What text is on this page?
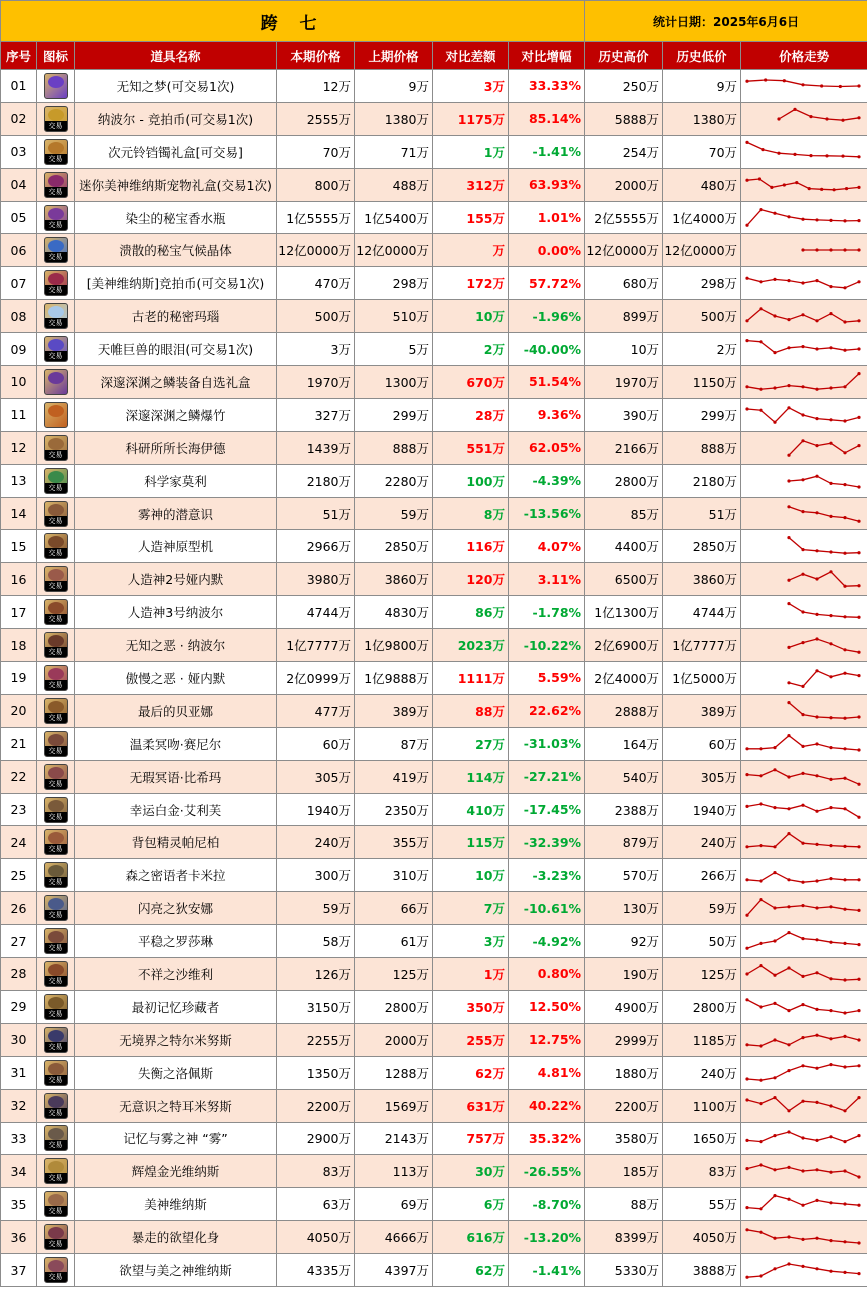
跨 七							统计日期：2025年6月6日		
序号	图标	道具名称	本期价格	上期价格	对比差额	对比增幅	历史高价	历史低价	价格走势
01		无知之梦(可交易1次)	12万	9万	3万	33.33%	250万	9万	

02	交易	纳波尔 - 竞拍币(可交易1次)	2555万	1380万	1175万	85.14%	5888万	1380万	

03	交易	次元铃铛镯礼盒[可交易]	70万	71万	1万	-1.41%	254万	70万	

04	交易	迷你美神维纳斯宠物礼盒(交易1次)	800万	488万	312万	63.93%	2000万	480万	

05	交易	染尘的秘宝香水瓶	1亿5555万	1亿5400万	155万	1.01%	2亿5555万	1亿4000万	

06	交易	溃散的秘宝气候晶体	12亿0000万	12亿0000万	万	0.00%	12亿0000万	12亿0000万	

07	交易	[美神维纳斯]竞拍币(可交易1次)	470万	298万	172万	57.72%	680万	298万	

08	交易	古老的秘密玛瑙	500万	510万	10万	-1.96%	899万	500万	

09	交易	天帷巨兽的眼泪(可交易1次)	3万	5万	2万	-40.00%	10万	2万	

10		深邃深渊之鳞装备自选礼盒	1970万	1300万	670万	51.54%	1970万	1150万	

11		深邃深渊之鳞爆竹	327万	299万	28万	9.36%	390万	299万	

12	交易	科研所所长海伊德	1439万	888万	551万	62.05%	2166万	888万	

13	交易	科学家莫利	2180万	2280万	100万	-4.39%	2800万	2180万	

14	交易	雾神的潜意识	51万	59万	8万	-13.56%	85万	51万	

15	交易	人造神原型机	2966万	2850万	116万	4.07%	4400万	2850万	

16	交易	人造神2号娅内默	3980万	3860万	120万	3.11%	6500万	3860万	

17	交易	人造神3号纳波尔	4744万	4830万	86万	-1.78%	1亿1300万	4744万	

18	交易	无知之恶 · 纳波尔	1亿7777万	1亿9800万	2023万	-10.22%	2亿6900万	1亿7777万	

19	交易	傲慢之恶 · 娅内默	2亿0999万	1亿9888万	1111万	5.59%	2亿4000万	1亿5000万	

20	交易	最后的贝亚娜	477万	389万	88万	22.62%	2888万	389万	

21	交易	温柔冥吻·赛尼尔	60万	87万	27万	-31.03%	164万	60万	

22	交易	无瑕冥语·比希玛	305万	419万	114万	-27.21%	540万	305万	

23	交易	幸运白金·艾利芙	1940万	2350万	410万	-17.45%	2388万	1940万	

24	交易	背包精灵帕尼柏	240万	355万	115万	-32.39%	879万	240万	

25	交易	森之密语者卡米拉	300万	310万	10万	-3.23%	570万	266万	

26	交易	闪亮之狄安娜	59万	66万	7万	-10.61%	130万	59万	

27	交易	平稳之罗莎琳	58万	61万	3万	-4.92%	92万	50万	

28	交易	不祥之沙维利	126万	125万	1万	0.80%	190万	125万	

29	交易	最初记忆珍藏者	3150万	2800万	350万	12.50%	4900万	2800万	

30	交易	无境界之特尔米努斯	2255万	2000万	255万	12.75%	2999万	1185万	

31	交易	失衡之洛佩斯	1350万	1288万	62万	4.81%	1880万	240万	

32	交易	无意识之特耳米努斯	2200万	1569万	631万	40.22%	2200万	1100万	

33	交易	记忆与雾之神 “雾”	2900万	2143万	757万	35.32%	3580万	1650万	

34	交易	辉煌金光维纳斯	83万	113万	30万	-26.55%	185万	83万	

35	交易	美神维纳斯	63万	69万	6万	-8.70%	88万	55万	

36	交易	暴走的欲望化身	4050万	4666万	616万	-13.20%	8399万	4050万	

37	交易	欲望与美之神维纳斯	4335万	4397万	62万	-1.41%	5330万	3888万	
